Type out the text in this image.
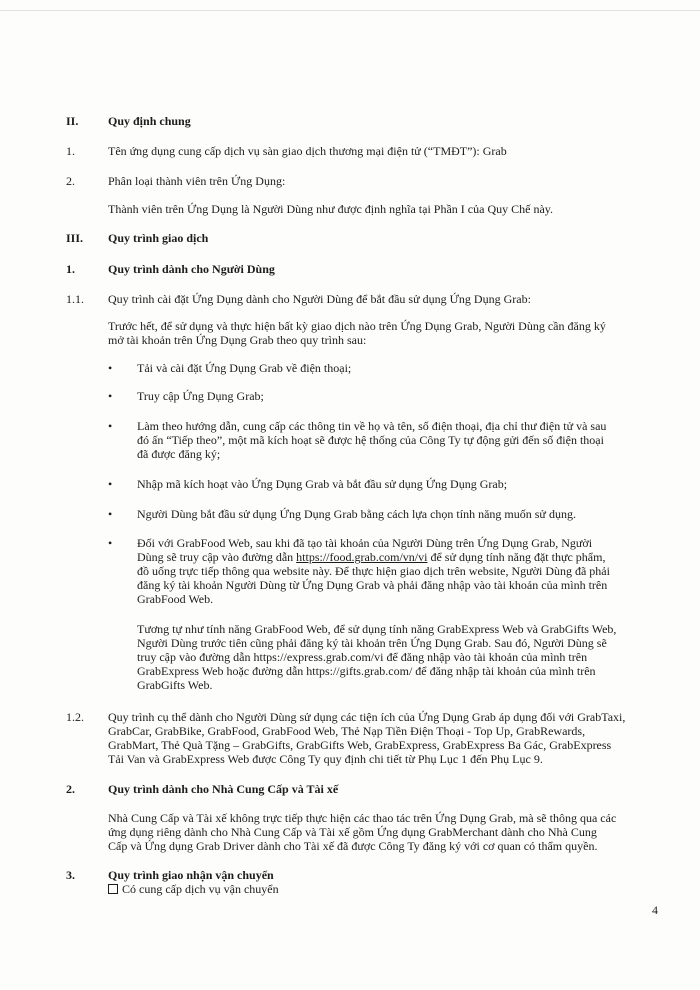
II. Quy định chung
1.	Tên ứng dụng cung cấp dịch vụ sàn giao dịch thương mại điện tử (“TMĐT”): Grab
2.	Phân loại thành viên trên Ứng Dụng:
Thành viên trên Ứng Dụng là Người Dùng như được định nghĩa tại Phần I của Quy Chế này.
III. Quy trình giao dịch
1.	Quy trình dành cho Người Dùng
1.1. Quy trình cài đặt Ứng Dụng dành cho Người Dùng để bắt đầu sử dụng Ứng Dụng Grab:
Trước hết, để sử dụng và thực hiện bất kỳ giao dịch nào trên Ứng Dụng Grab, Người Dùng cần đăng ký
mở tài khoản trên Ứng Dụng Grab theo quy trình sau:
• Tải và cài đặt Ứng Dụng Grab về điện thoại;
• Truy cập Ứng Dụng Grab;
• Làm theo hướng dẫn, cung cấp các thông tin về họ và tên, số điện thoại, địa chỉ thư điện tử và sau
đó ấn “Tiếp theo”, một mã kích hoạt sẽ được hệ thống của Công Ty tự động gửi đến số điện thoại
đã được đăng ký;
• Nhập mã kích hoạt vào Ứng Dụng Grab và bắt đầu sử dụng Ứng Dụng Grab;
• Người Dùng bắt đầu sử dụng Ứng Dụng Grab bằng cách lựa chọn tính năng muốn sử dụng.
• Đối với GrabFood Web, sau khi đã tạo tài khoản của Người Dùng trên Ứng Dụng Grab, Người
Dùng sẽ truy cập vào đường dẫn https://food.grab.com/vn/vi để sử dụng tính năng đặt thực phẩm,
đồ uống trực tiếp thông qua website này. Để thực hiện giao dịch trên website, Người Dùng đã phải
đăng ký tài khoản Người Dùng từ Ứng Dụng Grab và phải đăng nhập vào tài khoản của mình trên
GrabFood Web.
Tương tự như tính năng GrabFood Web, để sử dụng tính năng GrabExpress Web và GrabGifts Web,
Người Dùng trước tiên cũng phải đăng ký tài khoản trên Ứng Dụng Grab. Sau đó, Người Dùng sẽ
truy cập vào đường dẫn https://express.grab.com/vi để đăng nhập vào tài khoản của mình trên
GrabExpress Web hoặc đường dẫn https://gifts.grab.com/ để đăng nhập tài khoản của mình trên
GrabGifts Web.
1.2. Quy trình cụ thể dành cho Người Dùng sử dụng các tiện ích của Ứng Dụng Grab áp dụng đối với GrabTaxi,
GrabCar, GrabBike, GrabFood, GrabFood Web, Thẻ Nạp Tiền Điện Thoại - Top Up, GrabRewards,
GrabMart, Thẻ Quà Tặng – GrabGifts, GrabGifts Web, GrabExpress, GrabExpress Ba Gác, GrabExpress
Tải Van và GrabExpress Web được Công Ty quy định chi tiết từ Phụ Lục 1 đến Phụ Lục 9.
2.	Quy trình dành cho Nhà Cung Cấp và Tài xế
Nhà Cung Cấp và Tài xế không trực tiếp thực hiện các thao tác trên Ứng Dụng Grab, mà sẽ thông qua các
ứng dụng riêng dành cho Nhà Cung Cấp và Tài xế gồm Ứng dụng GrabMerchant dành cho Nhà Cung
Cấp và Ứng dụng Grab Driver dành cho Tài xế đã được Công Ty đăng ký với cơ quan có thẩm quyền.
3.	Quy trình giao nhận vận chuyển
Có cung cấp dịch vụ vận chuyển
4
